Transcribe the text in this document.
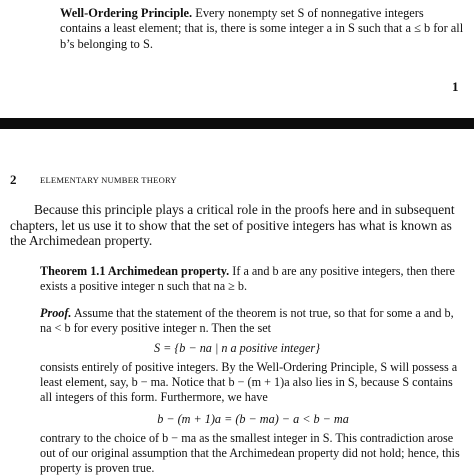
Well-Ordering Principle. Every nonempty set S of nonnegative integers contains a least element; that is, there is some integer a in S such that a ≤ b for all b’s belonging to S.
1
2	ELEMENTARY NUMBER THEORY
Because this principle plays a critical role in the proofs here and in subsequent chapters, let us use it to show that the set of positive integers has what is known as the Archimedean property.
Theorem 1.1 Archimedean property. If a and b are any positive integers, then there exists a positive integer n such that na ≥ b.
Proof. Assume that the statement of the theorem is not true, so that for some a and b, na < b for every positive integer n. Then the set
S = {b − na | n a positive integer}
consists entirely of positive integers. By the Well-Ordering Principle, S will possess a least element, say, b − ma. Notice that b − (m + 1)a also lies in S, because S contains all integers of this form. Furthermore, we have
b − (m + 1)a = (b − ma) − a < b − ma
contrary to the choice of b − ma as the smallest integer in S. This contradiction arose out of our original assumption that the Archimedean property did not hold; hence, this property is proven true.
